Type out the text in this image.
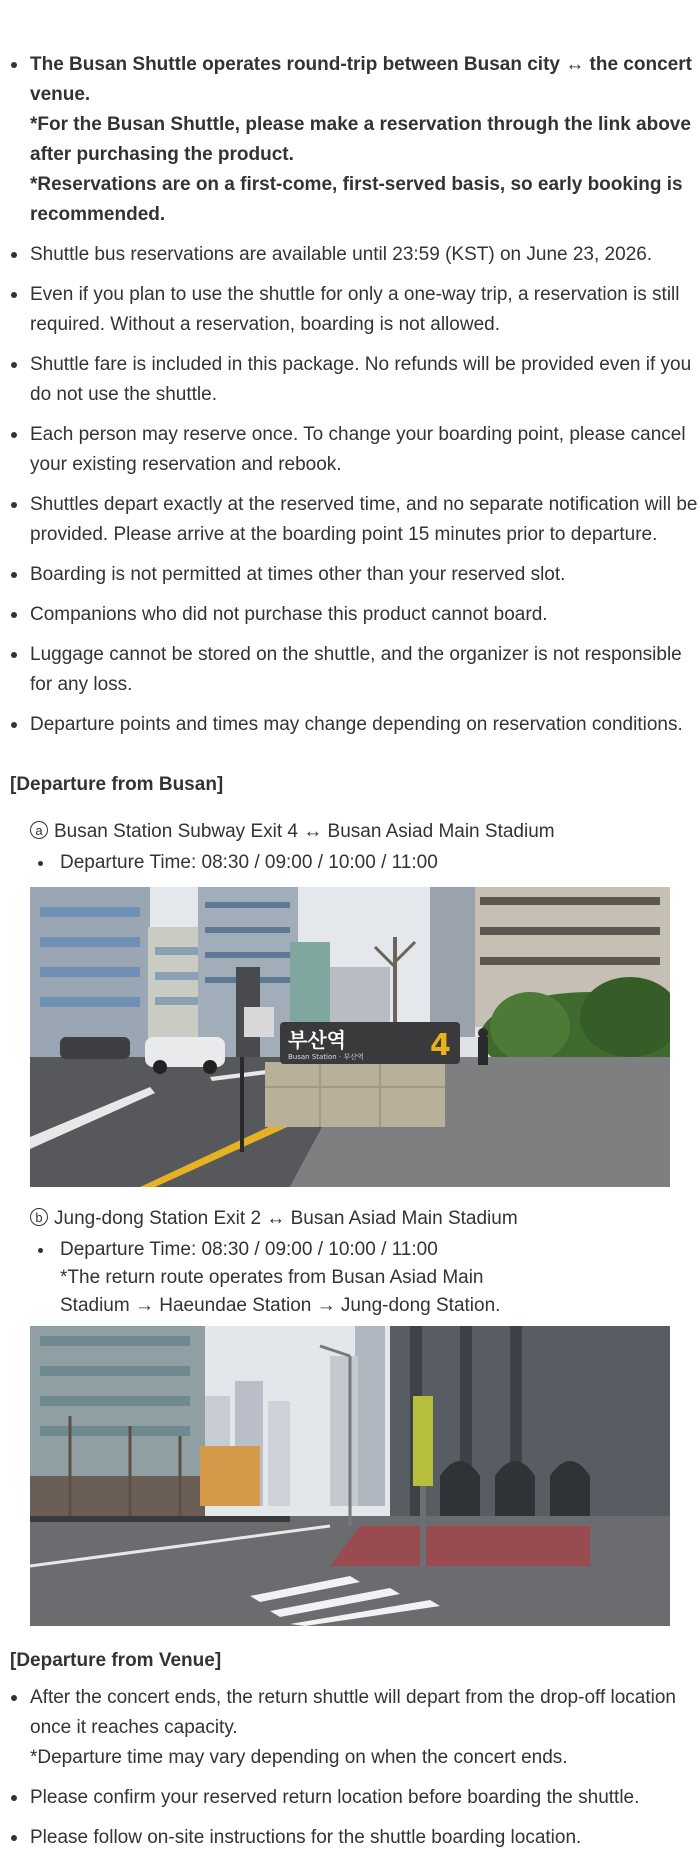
The Busan Shuttle operates round-trip between Busan city ↔ the concert venue.
*For the Busan Shuttle, please make a reservation through the link above after purchasing the product.
*Reservations are on a first-come, first-served basis, so early booking is recommended.
Shuttle bus reservations are available until 23:59 (KST) on June 23, 2026.
Even if you plan to use the shuttle for only a one-way trip, a reservation is still required. Without a reservation, boarding is not allowed.
Shuttle fare is included in this package. No refunds will be provided even if you do not use the shuttle.
Each person may reserve once. To change your boarding point, please cancel your existing reservation and rebook.
Shuttles depart exactly at the reserved time, and no separate notification will be provided. Please arrive at the boarding point 15 minutes prior to departure.
Boarding is not permitted at times other than your reserved slot.
Companions who did not purchase this product cannot board.
Luggage cannot be stored on the shuttle, and the organizer is not responsible for any loss.
Departure points and times may change depending on reservation conditions.
[Departure from Busan]
a Busan Station Subway Exit 4 ↔ Busan Asiad Main Stadium
Departure Time: 08:30 / 09:00 / 10:00 / 11:00
부산역
Busan Station · 부산역 4
b Jung-dong Station Exit 2 ↔ Busan Asiad Main Stadium
Departure Time: 08:30 / 09:00 / 10:00 / 11:00
*The return route operates from Busan Asiad Main
Stadium → Haeundae Station → Jung-dong Station.
[Departure from Venue]
After the concert ends, the return shuttle will depart from the drop-off location once it reaches capacity.
*Departure time may vary depending on when the concert ends.
Please confirm your reserved return location before boarding the shuttle.
Please follow on-site instructions for the shuttle boarding location.
